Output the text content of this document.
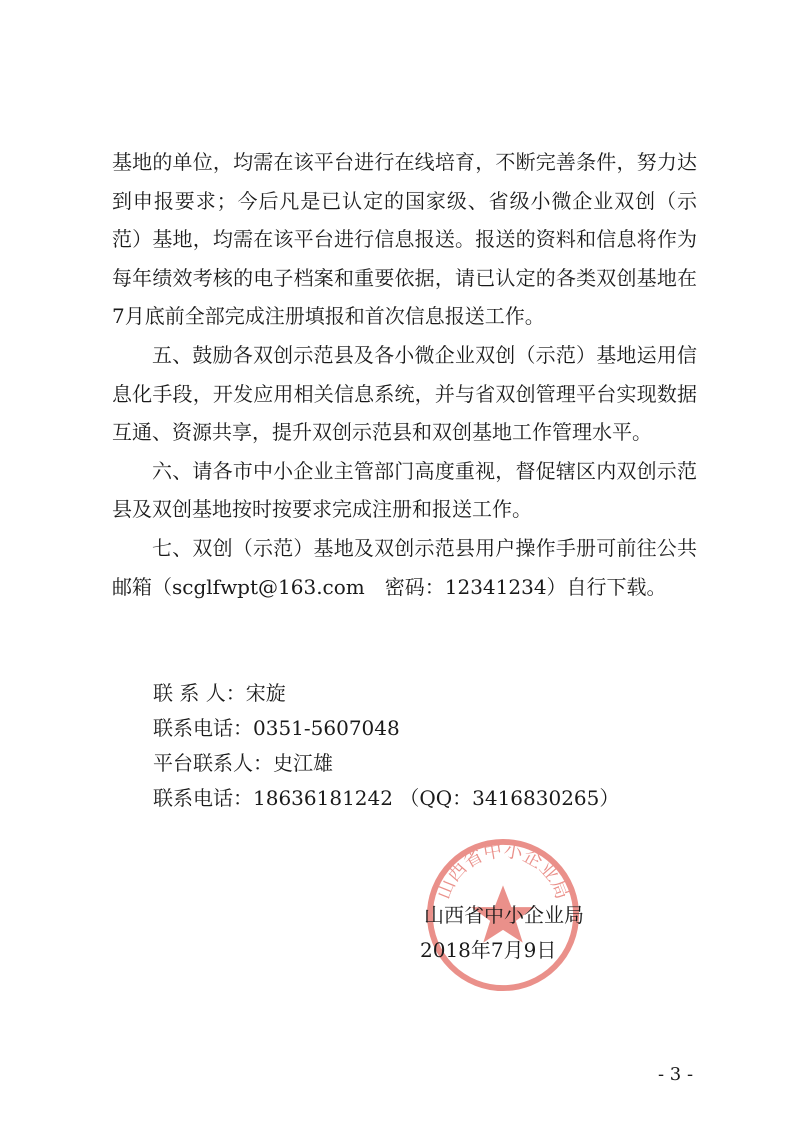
基地的单位，均需在该平台进行在线培育，不断完善条件，努力达到申报要求；今后凡是已认定的国家级、省级小微企业双创（示范）基地，均需在该平台进行信息报送。报送的资料和信息将作为每年绩效考核的电子档案和重要依据，请已认定的各类双创基地在7月底前全部完成注册填报和首次信息报送工作。

五、鼓励各双创示范县及各小微企业双创（示范）基地运用信息化手段，开发应用相关信息系统，并与省双创管理平台实现数据互通、资源共享，提升双创示范县和双创基地工作管理水平。

六、请各市中小企业主管部门高度重视，督促辖区内双创示范县及双创基地按时按要求完成注册和报送工作。

七、双创（示范）基地及双创示范县用户操作手册可前往公共邮箱（scglfwpt@163.com　密码：12341234）自行下载。

联 系 人：宋旋
联系电话：0351-5607048
平台联系人：史江雄
联系电话：18636181242 （QQ：3416830265）
山西省中小企业局
山西省中小企业局
2018年7月9日
- 3 -
